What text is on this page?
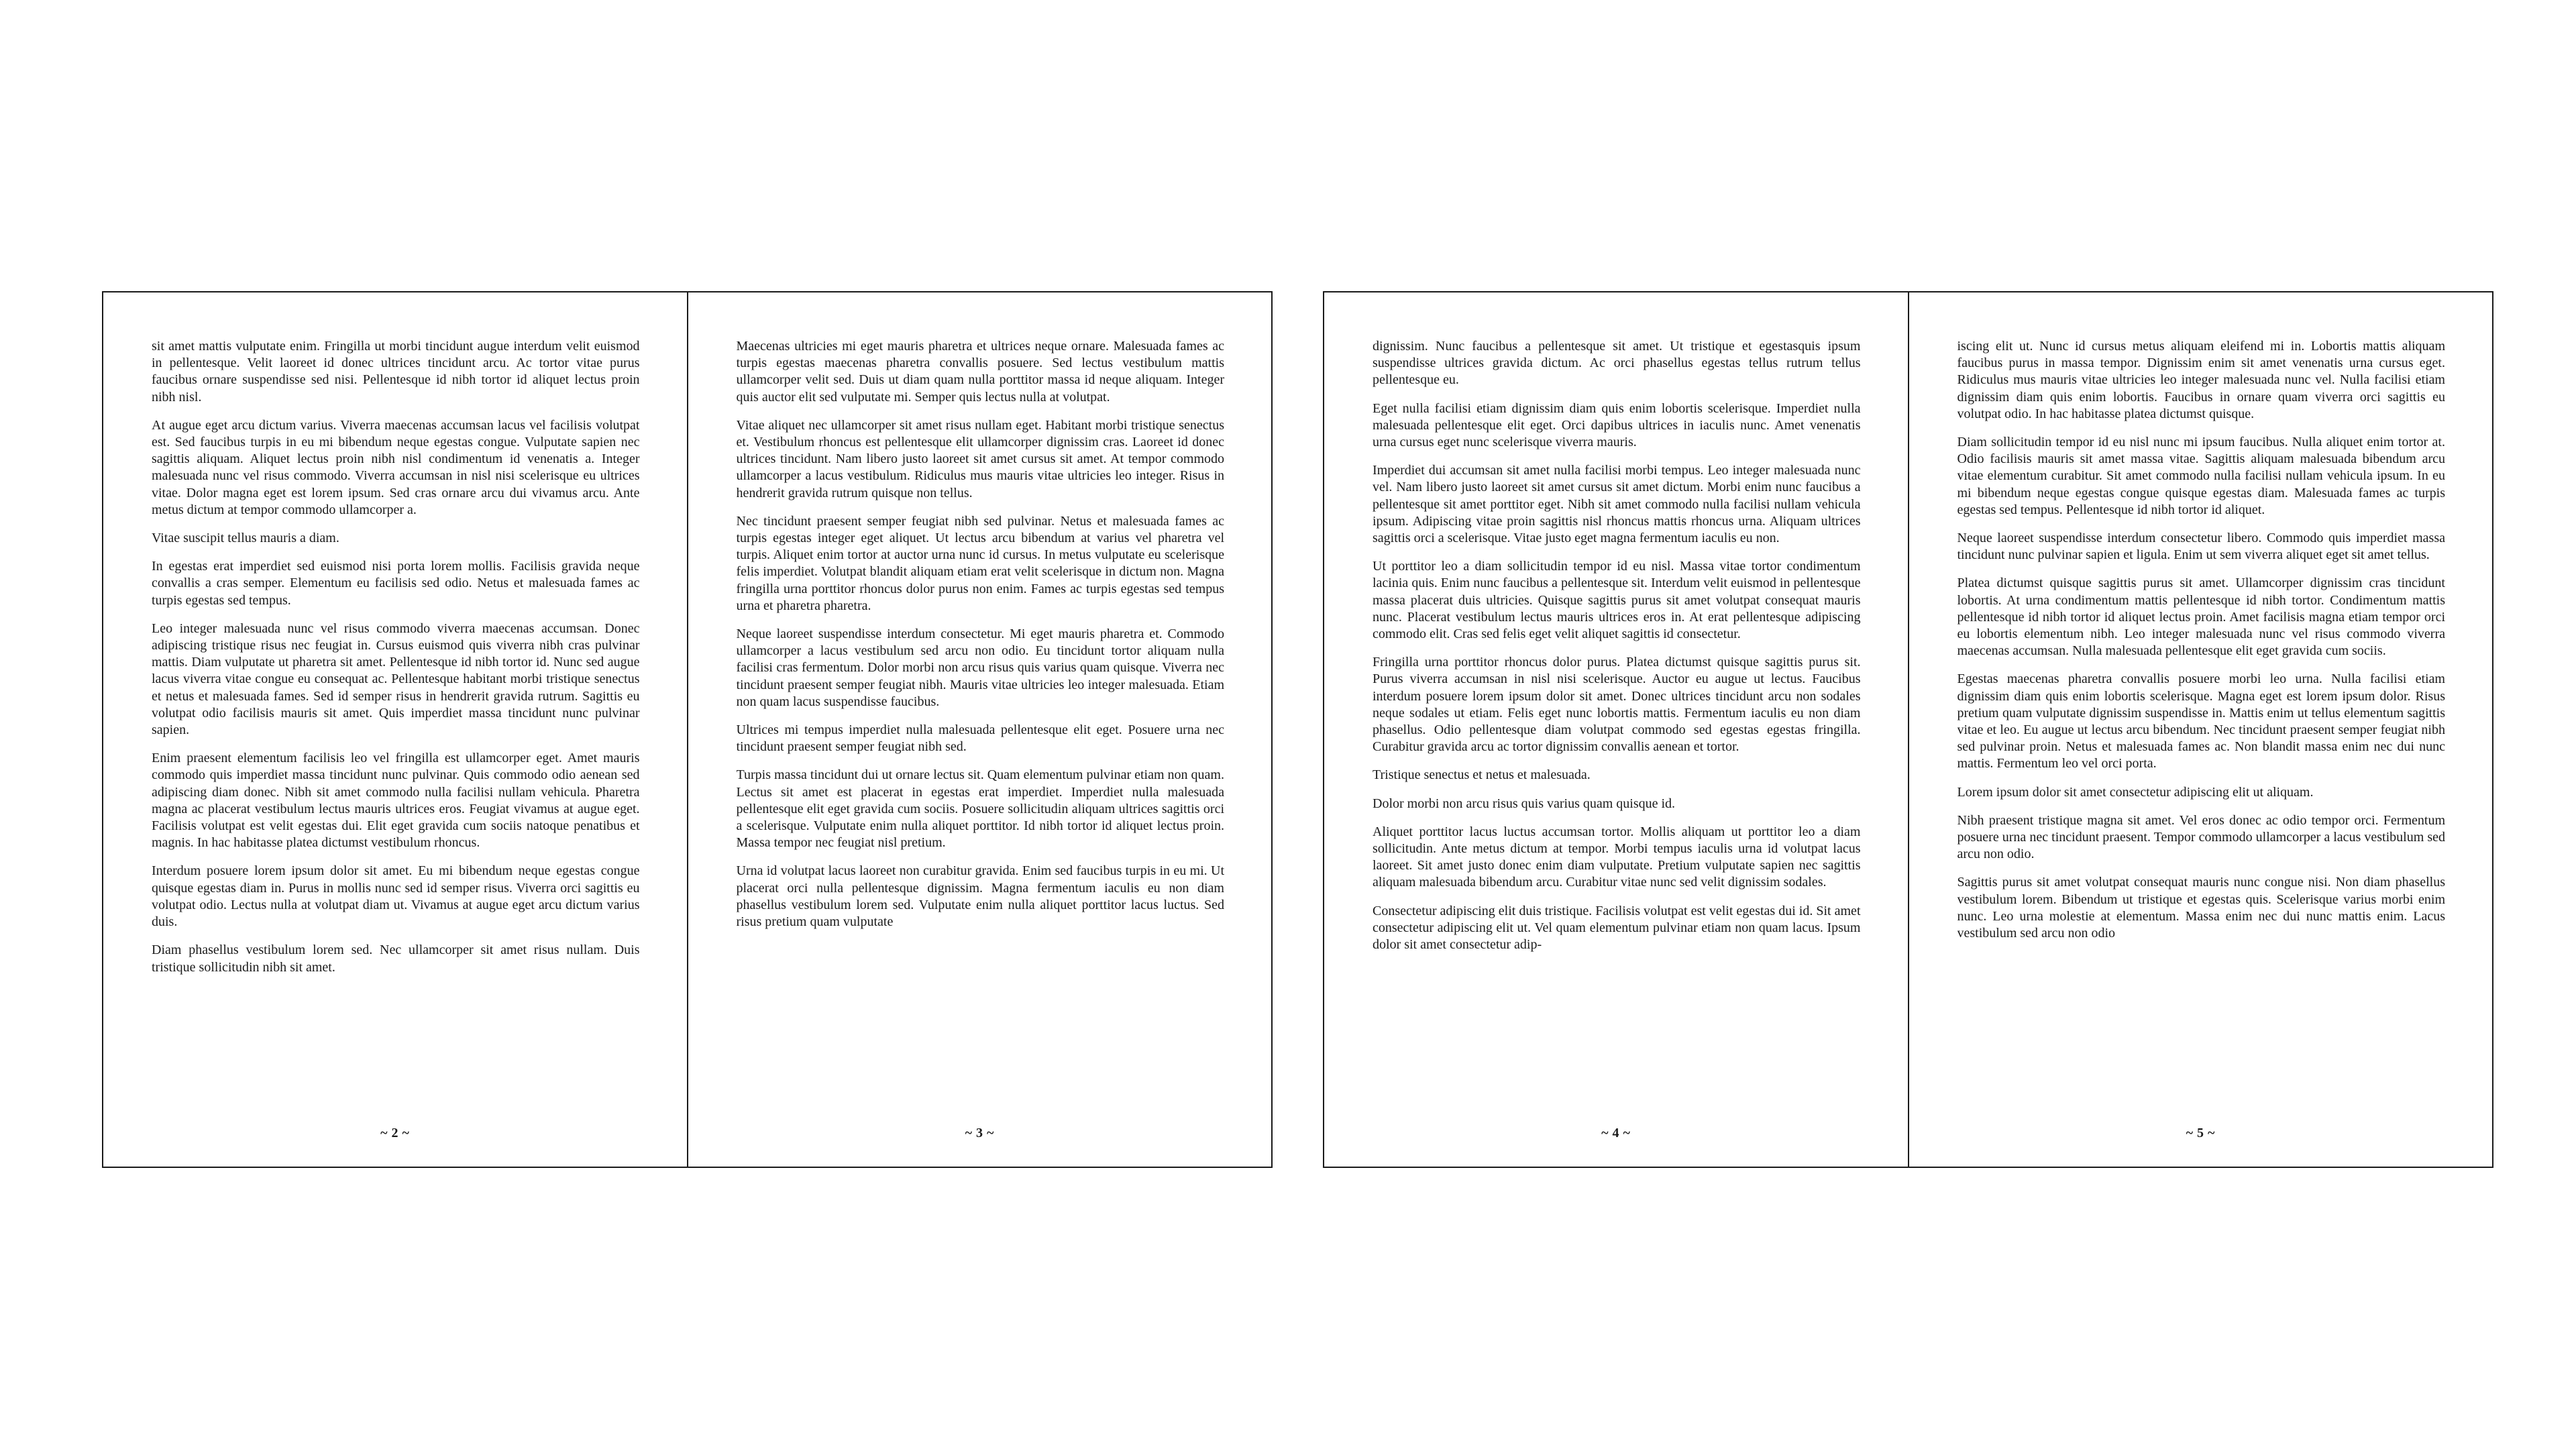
sit amet mattis vulputate enim. Fringilla ut morbi tincidunt augue interdum velit euismod in pellentesque. Velit laoreet id donec ultrices tincidunt arcu. Ac tortor vitae purus faucibus ornare suspendisse sed nisi. Pellentesque id nibh tortor id aliquet lectus proin nibh nisl.

At augue eget arcu dictum varius. Viverra maecenas accumsan lacus vel facilisis volutpat est. Sed faucibus turpis in eu mi bibendum neque egestas congue. Vulputate sapien nec sagittis aliquam. Aliquet lectus proin nibh nisl condimentum id venenatis a. Integer malesuada nunc vel risus commodo. Viverra accumsan in nisl nisi scelerisque eu ultrices vitae. Dolor magna eget est lorem ipsum. Sed cras ornare arcu dui vivamus arcu. Ante metus dictum at tempor commodo ullamcorper a.

Vitae suscipit tellus mauris a diam.

In egestas erat imperdiet sed euismod nisi porta lorem mollis. Facilisis gravida neque convallis a cras semper. Elementum eu facilisis sed odio. Netus et malesuada fames ac turpis egestas sed tempus.

Leo integer malesuada nunc vel risus commodo viverra maecenas accumsan. Donec adipiscing tristique risus nec feugiat in. Cursus euismod quis viverra nibh cras pulvinar mattis. Diam vulputate ut pharetra sit amet. Pellentesque id nibh tortor id. Nunc sed augue lacus viverra vitae congue eu consequat ac. Pellentesque habitant morbi tristique senectus et netus et malesuada fames. Sed id semper risus in hendrerit gravida rutrum. Sagittis eu volutpat odio facilisis mauris sit amet. Quis imperdiet massa tincidunt nunc pulvinar sapien.

Enim praesent elementum facilisis leo vel fringilla est ullamcorper eget. Amet mauris commodo quis imperdiet massa tincidunt nunc pulvinar. Quis commodo odio aenean sed adipiscing diam donec. Nibh sit amet commodo nulla facilisi nullam vehicula. Pharetra magna ac placerat vestibulum lectus mauris ultrices eros. Feugiat vivamus at augue eget. Facilisis volutpat est velit egestas dui. Elit eget gravida cum sociis natoque penatibus et magnis. In hac habitasse platea dictumst vestibulum rhoncus.

Interdum posuere lorem ipsum dolor sit amet. Eu mi bibendum neque egestas congue quisque egestas diam in. Purus in mollis nunc sed id semper risus. Viverra orci sagittis eu volutpat odio. Lectus nulla at volutpat diam ut. Vivamus at augue eget arcu dictum varius duis.

Diam phasellus vestibulum lorem sed. Nec ullamcorper sit amet risus nullam. Duis tristique sollicitudin nibh sit amet.

~ 2 ~

Maecenas ultricies mi eget mauris pharetra et ultrices neque ornare. Malesuada fames ac turpis egestas maecenas pharetra convallis posuere. Sed lectus vestibulum mattis ullamcorper velit sed. Duis ut diam quam nulla porttitor massa id neque aliquam. Integer quis auctor elit sed vulputate mi. Semper quis lectus nulla at volutpat.

Vitae aliquet nec ullamcorper sit amet risus nullam eget. Habitant morbi tristique senectus et. Vestibulum rhoncus est pellentesque elit ullamcorper dignissim cras. Laoreet id donec ultrices tincidunt. Nam libero justo laoreet sit amet cursus sit amet. At tempor commodo ullamcorper a lacus vestibulum. Ridiculus mus mauris vitae ultricies leo integer. Risus in hendrerit gravida rutrum quisque non tellus.

Nec tincidunt praesent semper feugiat nibh sed pulvinar. Netus et malesuada fames ac turpis egestas integer eget aliquet. Ut lectus arcu bibendum at varius vel pharetra vel turpis. Aliquet enim tortor at auctor urna nunc id cursus. In metus vulputate eu scelerisque felis imperdiet. Volutpat blandit aliquam etiam erat velit scelerisque in dictum non. Magna fringilla urna porttitor rhoncus dolor purus non enim. Fames ac turpis egestas sed tempus urna et pharetra pharetra.

Neque laoreet suspendisse interdum consectetur. Mi eget mauris pharetra et. Commodo ullamcorper a lacus vestibulum sed arcu non odio. Eu tincidunt tortor aliquam nulla facilisi cras fermentum. Dolor morbi non arcu risus quis varius quam quisque. Viverra nec tincidunt praesent semper feugiat nibh. Mauris vitae ultricies leo integer malesuada. Etiam non quam lacus suspendisse faucibus.

Ultrices mi tempus imperdiet nulla malesuada pellentesque elit eget. Posuere urna nec tincidunt praesent semper feugiat nibh sed.

Turpis massa tincidunt dui ut ornare lectus sit. Quam elementum pulvinar etiam non quam. Lectus sit amet est placerat in egestas erat imperdiet. Imperdiet nulla malesuada pellentesque elit eget gravida cum sociis. Posuere sollicitudin aliquam ultrices sagittis orci a scelerisque. Vulputate enim nulla aliquet porttitor. Id nibh tortor id aliquet lectus proin. Massa tempor nec feugiat nisl pretium.

Urna id volutpat lacus laoreet non curabitur gravida. Enim sed faucibus turpis in eu mi. Ut placerat orci nulla pellentesque dignissim. Magna fermentum iaculis eu non diam phasellus vestibulum lorem sed. Vulputate enim nulla aliquet porttitor lacus luctus. Sed risus pretium quam vulputate

~ 3 ~

dignissim. Nunc faucibus a pellentesque sit amet. Ut tristique et egestasquis ipsum suspendisse ultrices gravida dictum. Ac orci phasellus egestas tellus rutrum tellus pellentesque eu.

Eget nulla facilisi etiam dignissim diam quis enim lobortis scelerisque. Imperdiet nulla malesuada pellentesque elit eget. Orci dapibus ultrices in iaculis nunc. Amet venenatis urna cursus eget nunc scelerisque viverra mauris.

Imperdiet dui accumsan sit amet nulla facilisi morbi tempus. Leo integer malesuada nunc vel. Nam libero justo laoreet sit amet cursus sit amet dictum. Morbi enim nunc faucibus a pellentesque sit amet porttitor eget. Nibh sit amet commodo nulla facilisi nullam vehicula ipsum. Adipiscing vitae proin sagittis nisl rhoncus mattis rhoncus urna. Aliquam ultrices sagittis orci a scelerisque. Vitae justo eget magna fermentum iaculis eu non.

Ut porttitor leo a diam sollicitudin tempor id eu nisl. Massa vitae tortor condimentum lacinia quis. Enim nunc faucibus a pellentesque sit. Interdum velit euismod in pellentesque massa placerat duis ultricies. Quisque sagittis purus sit amet volutpat consequat mauris nunc. Placerat vestibulum lectus mauris ultrices eros in. At erat pellentesque adipiscing commodo elit. Cras sed felis eget velit aliquet sagittis id consectetur.

Fringilla urna porttitor rhoncus dolor purus. Platea dictumst quisque sagittis purus sit. Purus viverra accumsan in nisl nisi scelerisque. Auctor eu augue ut lectus. Faucibus interdum posuere lorem ipsum dolor sit amet. Donec ultrices tincidunt arcu non sodales neque sodales ut etiam. Felis eget nunc lobortis mattis. Fermentum iaculis eu non diam phasellus. Odio pellentesque diam volutpat commodo sed egestas egestas fringilla. Curabitur gravida arcu ac tortor dignissim convallis aenean et tortor.

Tristique senectus et netus et malesuada.

Dolor morbi non arcu risus quis varius quam quisque id.

Aliquet porttitor lacus luctus accumsan tortor. Mollis aliquam ut porttitor leo a diam sollicitudin. Ante metus dictum at tempor. Morbi tempus iaculis urna id volutpat lacus laoreet. Sit amet justo donec enim diam vulputate. Pretium vulputate sapien nec sagittis aliquam malesuada bibendum arcu. Curabitur vitae nunc sed velit dignissim sodales.

Consectetur adipiscing elit duis tristique. Facilisis volutpat est velit egestas dui id. Sit amet consectetur adipiscing elit ut. Vel quam elementum pulvinar etiam non quam lacus. Ipsum dolor sit amet consectetur adip-

~ 4 ~

iscing elit ut. Nunc id cursus metus aliquam eleifend mi in. Lobortis mattis aliquam faucibus purus in massa tempor. Dignissim enim sit amet venenatis urna cursus eget. Ridiculus mus mauris vitae ultricies leo integer malesuada nunc vel. Nulla facilisi etiam dignissim diam quis enim lobortis. Faucibus in ornare quam viverra orci sagittis eu volutpat odio. In hac habitasse platea dictumst quisque.

Diam sollicitudin tempor id eu nisl nunc mi ipsum faucibus. Nulla aliquet enim tortor at. Odio facilisis mauris sit amet massa vitae. Sagittis aliquam malesuada bibendum arcu vitae elementum curabitur. Sit amet commodo nulla facilisi nullam vehicula ipsum. In eu mi bibendum neque egestas congue quisque egestas diam. Malesuada fames ac turpis egestas sed tempus. Pellentesque id nibh tortor id aliquet.

Neque laoreet suspendisse interdum consectetur libero. Commodo quis imperdiet massa tincidunt nunc pulvinar sapien et ligula. Enim ut sem viverra aliquet eget sit amet tellus.

Platea dictumst quisque sagittis purus sit amet. Ullamcorper dignissim cras tincidunt lobortis. At urna condimentum mattis pellentesque id nibh tortor. Condimentum mattis pellentesque id nibh tortor id aliquet lectus proin. Amet facilisis magna etiam tempor orci eu lobortis elementum nibh. Leo integer malesuada nunc vel risus commodo viverra maecenas accumsan. Nulla malesuada pellentesque elit eget gravida cum sociis.

Egestas maecenas pharetra convallis posuere morbi leo urna. Nulla facilisi etiam dignissim diam quis enim lobortis scelerisque. Magna eget est lorem ipsum dolor. Risus pretium quam vulputate dignissim suspendisse in. Mattis enim ut tellus elementum sagittis vitae et leo. Eu augue ut lectus arcu bibendum. Nec tincidunt praesent semper feugiat nibh sed pulvinar proin. Netus et malesuada fames ac. Non blandit massa enim nec dui nunc mattis. Fermentum leo vel orci porta.

Lorem ipsum dolor sit amet consectetur adipiscing elit ut aliquam.

Nibh praesent tristique magna sit amet. Vel eros donec ac odio tempor orci. Fermentum posuere urna nec tincidunt praesent. Tempor commodo ullamcorper a lacus vestibulum sed arcu non odio.

Sagittis purus sit amet volutpat consequat mauris nunc congue nisi. Non diam phasellus vestibulum lorem. Bibendum ut tristique et egestas quis. Scelerisque varius morbi enim nunc. Leo urna molestie at elementum. Massa enim nec dui nunc mattis enim. Lacus vestibulum sed arcu non odio

~ 5 ~
